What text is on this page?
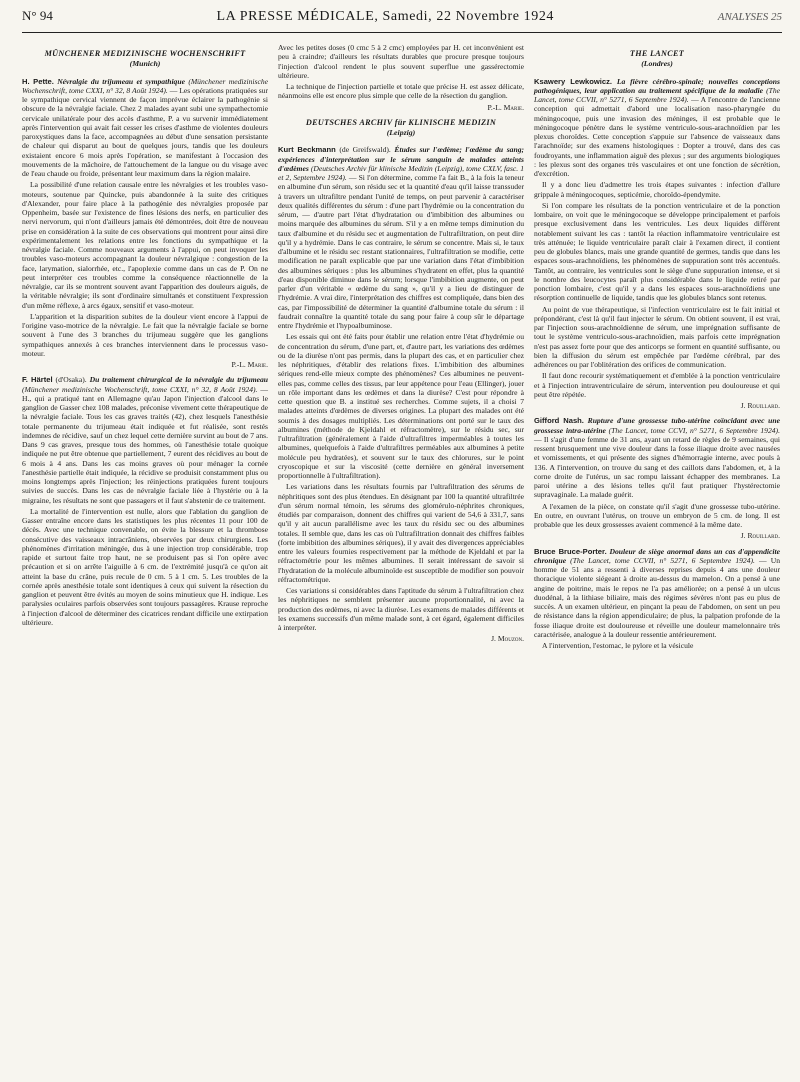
N° 94	LA PRESSE MÉDICALE, Samedi, 22 Novembre 1924	ANALYSES 25
MÜNCHENER MEDIZINISCHE WOCHENSCHRIFT
(Munich)
H. Pette. Névralgie du trijumeau et sympathique (Münchener medizinische Wochenschrift, tome CXXI, n° 32, 8 Août 1924). — Les opérations pratiquées sur le sympathique cervical viennent de façon imprévue éclairer la pathogénie si obscure de la névralgie faciale. Chez 2 malades ayant subi une sympathectomie cervicale unilatérale pour des accès d'asthme, P. a vu survenir immédiatement après l'intervention qui avait fait cesser les crises d'asthme de violentes douleurs paroxystiques dans la face, accompagnées au début d'une sensation persistante de chaleur qui disparut au bout de quelques jours, tandis que les douleurs existaient encore 6 mois après l'opération, se manifestant à l'occasion des mouvements de la mâchoire, de l'attouchement de la langue ou du visage avec de l'eau chaude ou froide, présentant leur maximum dans la région malaire.

La possibilité d'une relation causale entre les névralgies et les troubles vaso-moteurs, soutenue par Quincke, puis abandonnée à la suite des critiques d'Alexander, pour faire place à la pathogénie des névralgies proposée par Oppenheim, basée sur l'existence de fines lésions des nerfs, en particulier des nervi nervorum, qui n'ont d'ailleurs jamais été démontrées, doit être de nouveau prise en considération à la suite de ces observations qui montrent pour ainsi dire expérimentalement les relations entre les fonctions du sympathique et la névralgie faciale. Comme nouveaux arguments à l'appui, on peut invoquer les troubles vaso-moteurs accompagnant la douleur névralgique : congestion de la face, larymation, sialorrhée, etc., l'apoplexie comme dans un cas de P. On ne peut interpréter ces troubles comme la conséquence réactionnelle de la névralgie, car ils se montrent souvent avant l'apparition des douleurs aiguës, de la véritable névralgie; ils sont d'ordinaire simultanés et constituent l'expression d'un même réflexe, à arcs égaux, sensitif et vaso-moteur.

L'apparition et la disparition subites de la douleur vient encore à l'appui de l'origine vaso-motrice de la névralgie. Le fait que la névralgie faciale se borne souvent à l'une des 3 branches du trijumeau suggère que les ganglions sympathiques annexés à ces branches interviennent dans le processus vaso-moteur.

P.-L. Marie.

F. Härtel (d'Osaka). Du traitement chirurgical de la névralgie du trijumeau (Münchener medizinische Wochenschrift, tome CXXI, n° 32, 8 Août 1924). — H., qui a pratiqué tant en Allemagne qu'au Japon l'injection d'alcool dans le ganglion de Gasser chez 108 malades, préconise vivement cette thérapeutique de la névralgie faciale. Tous les cas graves traités (42), chez lesquels l'anesthésie totale permanente du trijumeau était indiquée et fut réalisée, sont restés indemnes de récidive, sauf un chez lequel cette dernière survint au bout de 7 ans. Dans 9 cas graves, presque tous des hommes, où l'anesthésie totale quoique indiquée ne put être obtenue que partiellement, 7 eurent des récidives au bout de 6 mois à 4 ans. Dans les cas moins graves où pour ménager la cornée l'anesthésie partielle était indiquée, la récidive se produisit constamment plus ou moins longtemps après l'injection; les réinjections pratiquées furent toujours suivies de succès. Dans les cas de névralgie faciale liée à l'hystérie ou à la migraine, les résultats ne sont que passagers et il faut s'abstenir de ce traitement.

La mortalité de l'intervention est nulle, alors que l'ablation du ganglion de Gasser entraîne encore dans les statistiques les plus récentes 11 pour 100 de décès. Avec une technique convenable, on évite la blessure et la thrombose consécutive des vaisseaux intracrâniens, observées par deux chirurgiens. Les phénomènes d'irritation méningée, dus à une injection trop considérable, trop rapide et surtout faite trop haut, ne se produisent pas si l'on opère avec précaution et si on arrête l'aiguille à 6 cm. de l'extrémité jusqu'à ce qu'on ait atteint la base du crâne, puis recule de 0 cm. 5 à 1 cm. 5. Les troubles de la cornée après anesthésie totale sont identiques à ceux qui suivent la résection du ganglion et peuvent être évités au moyen de soins minutieux que H. indique. Les paralysies oculaires parfois observées sont toujours passagères. Krause reproche à l'injection d'alcool de déterminer des cicatrices rendant difficile une extirpation ultérieure.

Avec les petites doses (0 cmc 5 à 2 cmc) employées par H. cet inconvénient est peu à craindre; d'ailleurs les résultats durables que procure presque toujours l'injection d'alcool rendent le plus souvent superflue une gassérectomie ultérieure.

La technique de l'injection partielle et totale que précise H. est assez délicate, néanmoins elle est encore plus simple que celle de la résection du ganglion.

P.-L. Marie.

DEUTSCHES ARCHIV für KLINISCHE MEDIZIN
(Leipzig)
Kurt Beckmann (de Greifswald). Études sur l'œdème; l'œdème du sang; expériences d'interprétation sur le sérum sanguin de malades atteints d'œdèmes (Deutsches Archiv für klinische Medizin (Leipzig), tome CXLV, fasc. 1 et 2, Septembre 1924). — Si l'on détermine, comme l'a fait B., à la fois la teneur en albumine d'un sérum, son résidu sec et la quantité d'eau qu'il laisse transsuder à travers un ultrafiltre pendant l'unité de temps, on peut parvenir à caractériser deux qualités différentes du sérum : d'une part l'hydrémie ou la concentration du sérum, — d'autre part l'état d'hydratation ou d'imbibition des albumines ou moins marquée des albumines du sérum. S'il y a en même temps diminution du taux d'albumine et du résidu sec et augmentation de l'ultrafiltration, on peut dire qu'il y a hydrémie. Dans le cas contraire, le sérum se concentre. Mais si, le taux d'albumine et le résidu sec restant stationnaires, l'ultrafiltration se modifie, cette modification ne paraît explicable que par une variation dans l'état d'imbibition des albumines sériques : plus les albumines s'hydratent en effet, plus la quantité d'eau disponible diminue dans le sérum; lorsque l'imbibition augmente, on peut parler d'un véritable « œdème du sang », qu'il y a lieu de distinguer de l'hydrémie. A vrai dire, l'interprétation des chiffres est compliquée, dans bien des cas, par l'impossibilité de déterminer la quantité d'albumine totale du sérum : il faudrait connaître la quantité totale du sang pour faire à coup sûr le départage entre l'hydrémie et l'hypoalbuminose.

Les essais qui ont été faits pour établir une relation entre l'état d'hydrémie ou de concentration du sérum, d'une part, et, d'autre part, les variations des œdèmes ou de la diurèse n'ont pas permis, dans la plupart des cas, et en particulier chez les néphritiques, d'établir des relations fixes. L'imbibition des albumines sériques rend-elle mieux compte des phénomènes? Ces albumines ne peuvent-elles pas, comme celles des tissus, par leur appétence pour l'eau (Ellinger), jouer un rôle important dans les œdèmes et dans la diurèse? C'est pour répondre à cette question que B. a institué ses recherches. Comme sujets, il a choisi 7 malades atteints d'œdèmes de diverses origines. La plupart des malades ont été soumis à des dosages multipliés. Les déterminations ont porté sur le taux des albumines (méthode de Kjeldahl et réfractomètre), sur le résidu sec, sur l'ultrafiltration (généralement à l'aide d'ultrafiltres imperméables à toutes les albumines, quelquefois à l'aide d'ultrafiltres perméables aux albumines à petite molécule peu hydratées), et souvent sur le taux des chlorures, sur le point cryoscopique et sur la viscosité (cette dernière en général inversement proportionnelle à l'ultrafiltration).

Les variations dans les résultats fournis par l'ultrafiltration des sérums de néphritiques sont des plus étendues. En désignant par 100 la quantité ultrafiltrée d'un sérum normal témoin, les sérums des glomérulo-néphrites chroniques, étudiés par comparaison, donnent des chiffres qui varient de 54,6 à 331,7, sans qu'il y ait aucun parallélisme avec les taux du résidu sec ou des albumines totales. Il semble que, dans les cas où l'ultrafiltration donnait des chiffres faibles (forte imbibition des albumines sériques), il y avait des divergences appréciables entre les valeurs fournies respectivement par la méthode de Kjeldahl et par la réfractométrie pour les mêmes albumines. Il serait intéressant de savoir si l'hydratation de la molécule albuminoïde est susceptible de modifier son pouvoir réfractométrique.

Ces variations si considérables dans l'aptitude du sérum à l'ultrafiltration chez les néphritiques ne semblent présenter aucune proportionnalité, ni avec la production des œdèmes, ni avec la diurèse. Les examens de malades différents et les examens successifs d'un même malade sont, à cet égard, également difficiles à interpréter.

J. Mouzon.

THE LANCET
(Londres)
Ksawery Lewkowicz. La fièvre cérébro-spinale; nouvelles conceptions pathogéniques, leur application au traitement spécifique de la maladie (The Lancet, tome CCVII, n° 5271, 6 Septembre 1924). — A l'encontre de l'ancienne conception qui admettait d'abord une localisation naso-pharyngée du méningocoque, puis une invasion des méninges, il est probable que le méningocoque pénètre dans le système ventriculo-sous-arachnoïdien par les plexus choroïdes. Cette conception s'appuie sur l'absence de vaisseaux dans l'arachnoïde; sur des examens histologiques : Dopter a trouvé, dans des cas foudroyants, une inflammation aiguë des plexus ; sur des arguments biologiques : les plexus sont des organes très vasculaires et ont une fonction de sécrétion, d'excrétion.

Il y a donc lieu d'admettre les trois étapes suivantes : infection d'allure grippale à méningocoques, septicémie, choroïdo-épendymite.

Si l'on compare les résultats de la ponction ventriculaire et de la ponction lombaire, on voit que le méningocoque se développe principalement et parfois presque exclusivement dans les ventricules. Les deux liquides diffèrent notablement suivant les cas : tantôt la réaction inflammatoire ventriculaire est très atténuée; le liquide ventriculaire paraît clair à l'examen direct, il contient peu de globules blancs, mais une grande quantité de germes, tandis que dans les espaces sous-arachnoïdiens, les phénomènes de suppuration sont très accentués. Tantôt, au contraire, les ventricules sont le siège d'une suppuration intense, et si le nombre des leucocytes paraît plus considérable dans le liquide retiré par ponction lombaire, c'est qu'il y a dans les espaces sous-arachnoïdiens une résorption continuelle de liquide, tandis que les globules blancs sont retenus.

Au point de vue thérapeutique, si l'infection ventriculaire est le fait initial et prépondérant, c'est là qu'il faut injecter le sérum. On obtient souvent, il est vrai, par l'injection sous-arachnoïdienne de sérum, une imprégnation suffisante de tout le système ventriculo-sous-arachnoïdien, mais parfois cette imprégnation n'est pas assez forte pour que des anticorps se forment en quantité suffisante, ou bien la diffusion du sérum est empêchée par l'œdème cérébral, par des adhérences ou par l'oblitération des orifices de communication.

Il faut donc recourir systématiquement et d'emblée à la ponction ventriculaire et à l'injection intraventriculaire de sérum, intervention peu douloureuse et qui peut être répétée.

J. Rouillard.

Gifford Nash. Rupture d'une grossesse tubo-utérine coïncidant avec une grossesse intra-utérine (The Lancet, tome CCVI, n° 5271, 6 Septembre 1924). — Il s'agit d'une femme de 31 ans, ayant un retard de règles de 9 semaines, qui ressent brusquement une vive douleur dans la fosse iliaque droite avec nausées et vomissements, et qui présente des signes d'hémorragie interne, avec pouls à 136. A l'intervention, on trouve du sang et des caillots dans l'abdomen, et, à la corne droite de l'utérus, un sac rompu laissant échapper des membranes. La paroi utérine a des lésions telles qu'il faut pratiquer l'hystérectomie supravaginale. La malade guérit.

A l'examen de la pièce, on constate qu'il s'agit d'une grossesse tubo-utérine. En outre, en ouvrant l'utérus, on trouve un embryon de 5 cm. de long. Il est probable que les deux grossesses avaient commencé à la même date.

J. Rouillard.

Bruce Bruce-Porter. Douleur de siège anormal dans un cas d'appendicite chronique (The Lancet, tome CCVII, n° 5271, 6 Septembre 1924). — Un homme de 51 ans a ressenti à diverses reprises depuis 4 ans une douleur thoracique violente siégeant à droite au-dessus du mamelon. On a pensé à une angine de poitrine, mais le repos ne l'a pas améliorée; on a pensé à un ulcus duodénal, à la lithiase biliaire, mais des régimes sévères n'ont pas eu plus de succès. A un examen ultérieur, en pinçant la peau de l'abdomen, on sent un peu de résistance dans la région appendiculaire; de plus, la palpation profonde de la fosse iliaque droite est douloureuse et réveille une douleur mamelonnaire très caractérisée, analogue à la douleur ressentie antérieurement.

A l'intervention, l'estomac, le pylore et la vésicule
